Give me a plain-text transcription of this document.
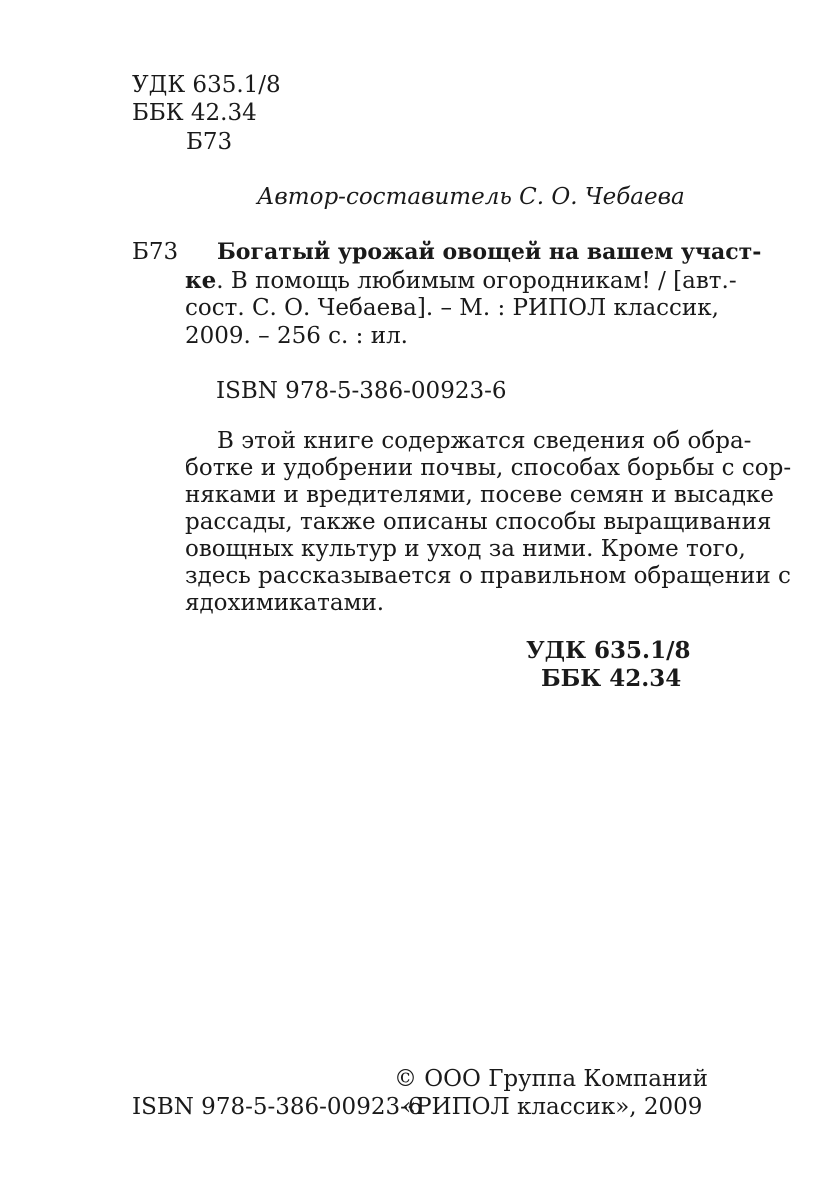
УДК 635.1/8
ББК 42.34
Б73
Автор-составитель С. О. Чебаева
Б73 Богатый урожай овощей на вашем участ-
ке. В помощь любимым огородникам! / [авт.-
сост. С. О. Чебаева]. – М. : РИПОЛ классик,
2009. – 256 с. : ил.
ISBN 978-5-386-00923-6
В этой книге содержатся сведения об обра-
ботке и удобрении почвы, способах борьбы с сор-
няками и вредителями, посеве семян и высадке
рассады, также описаны способы выращивания
овощных культур и уход за ними. Кроме того,
здесь рассказывается о правильном обращении с
ядохимикатами.
УДК 635.1/8
ББК 42.34
© ООО Группа Компаний
ISBN 978-5-386-00923-6
«РИПОЛ классик», 2009
